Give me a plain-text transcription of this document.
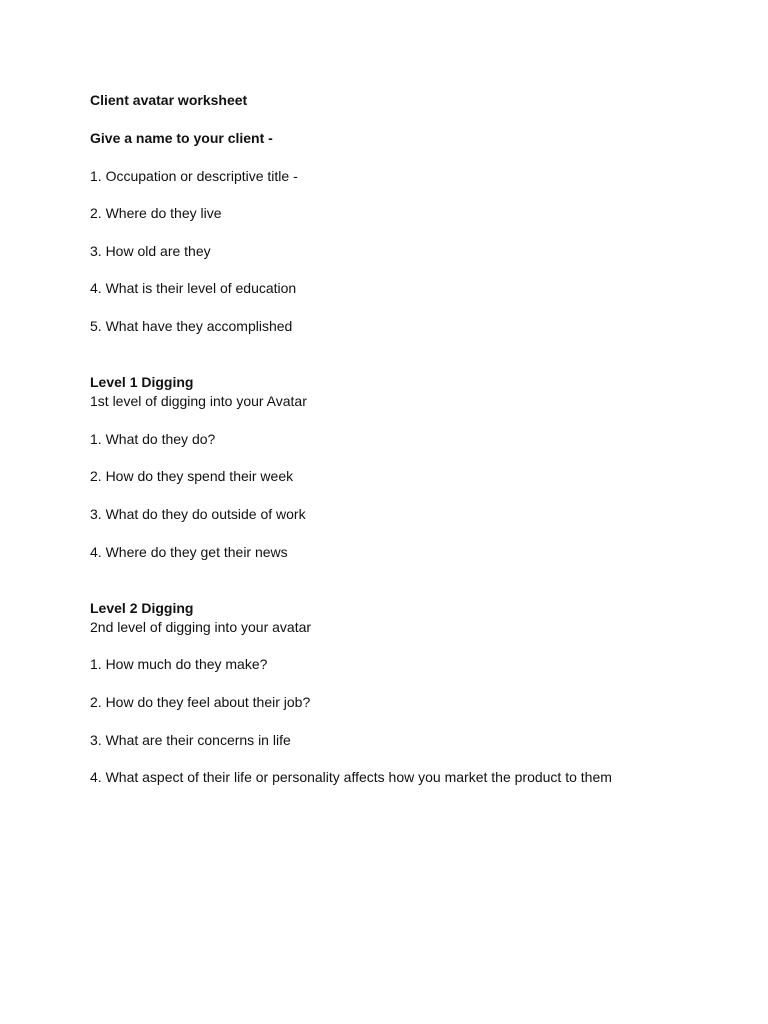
Client avatar worksheet
Give a name to your client -
1. Occupation or descriptive title -
2. Where do they live
3. How old are they
4. What is their level of education
5. What have they accomplished
Level 1 Digging
1st level of digging into your Avatar
1. What do they do?
2. How do they spend their week
3. What do they do outside of work
4. Where do they get their news
Level 2 Digging
2nd level of digging into your avatar
1. How much do they make?
2. How do they feel about their job?
3. What are their concerns in life
4. What aspect of their life or personality affects how you market the product to them
